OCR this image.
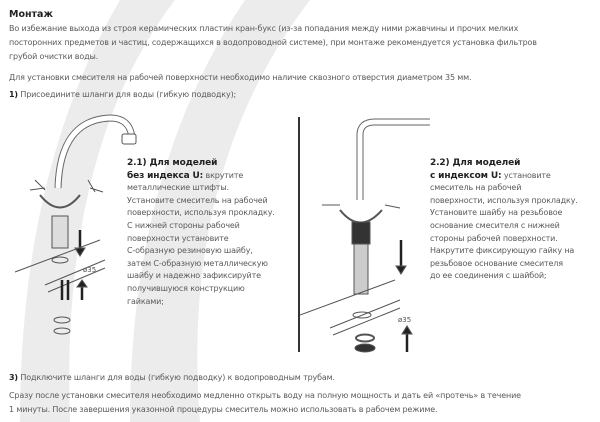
Монтаж
Во избежание выхода из строя керамических пластин кран-букс (из-за попадания между ними ржавчины и прочих мелких
посторонних предметов и частиц, содержащихся в водопроводной системе), при монтаже рекомендуется установка фильтров
грубой очистки воды.
Для установки смесителя на рабочей поверхности необходимо наличие сквозного отверстия диаметром 35 мм.
1) Присоедините шланги для воды (гибкую подводку);
ø35
2.1) Для моделей
без индекса U: вкрутите
металлические штифты.
Установите смеситель на рабочей
поверхности, используя прокладку.
С нижней стороны рабочей
поверхности установите
С-образную резиновую шайбу,
затем С-образную металлическую
шайбу и надежно зафиксируйте
получившуюся конструкцию
гайками;
ø35
2.2) Для моделей
с индексом U: установите
смеситель на рабочей
поверхности, используя прокладку.
Установите шайбу на резьбовое
основание смесителя с нижней
стороны рабочей поверхности.
Накрутите фиксирующую гайку на
резьбовое основание смесителя
до ее соединения с шайбой;
3) Подключите шланги для воды (гибкую подводку) к водопроводным трубам.
Сразу после установки смесителя необходимо медленно открыть воду на полную мощность и дать ей «протечь» в течение
1 минуты. После завершения указонной процедуры смеситель можно использовать в рабочем режиме.
